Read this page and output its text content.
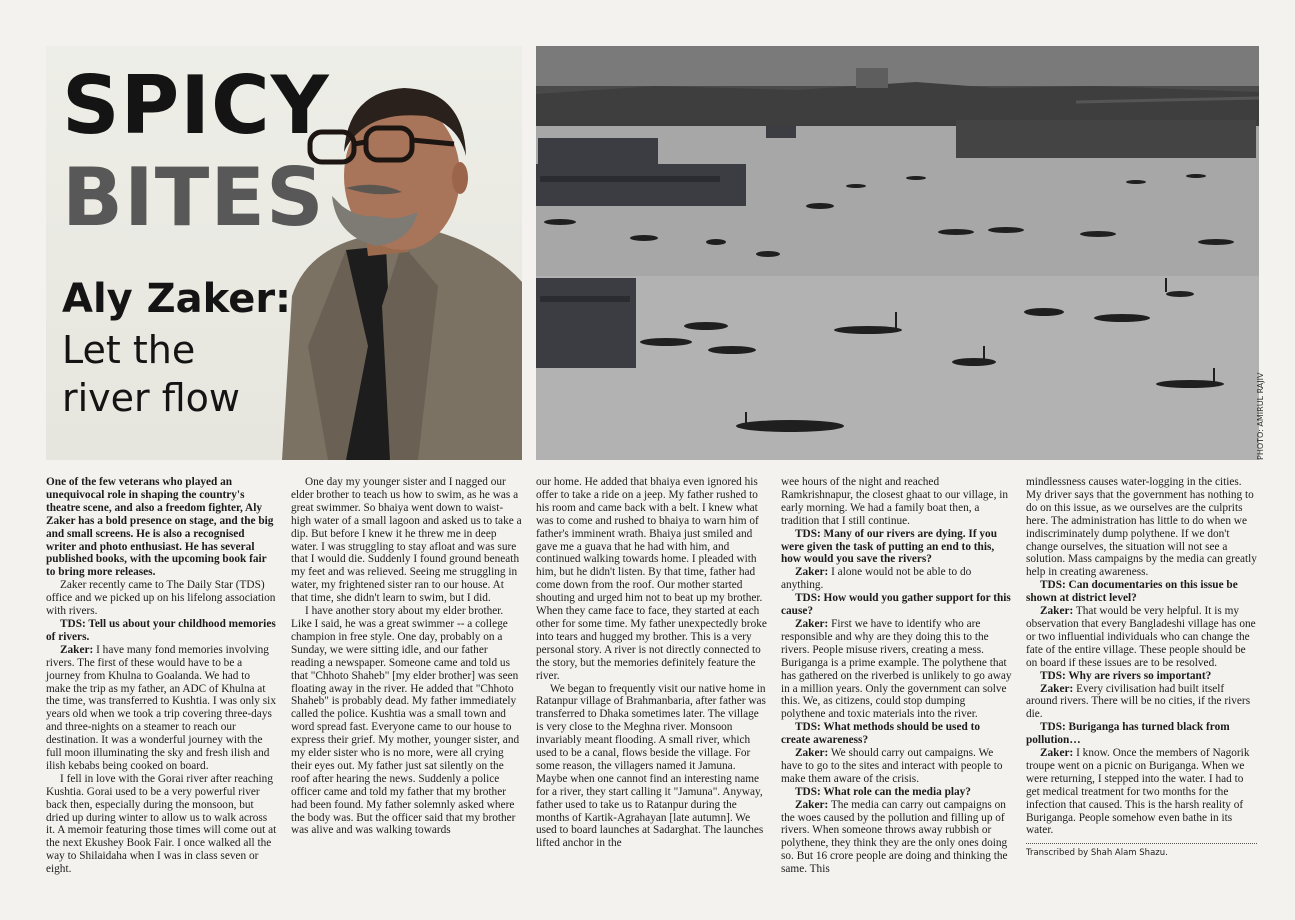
SPICY
BITES
Aly Zaker:
Let the river flow	PHOTO: AMIRUL RAJIV

One of the few veterans who played an unequivocal role in shaping the country's theatre scene, and also a freedom fighter, Aly Zaker has a bold presence on stage, and the big and small screens. He is also a recognised writer and photo enthusiast. He has several published books, with the upcoming book fair to bring more releases.

Zaker recently came to The Daily Star (TDS) office and we picked up on his lifelong association with rivers.

TDS: Tell us about your childhood memories of rivers.

Zaker: I have many fond memories involving rivers. The first of these would have to be a journey from Khulna to Goalanda. We had to make the trip as my father, an ADC of Khulna at the time, was transferred to Kushtia. I was only six years old when we took a trip covering three-days and three-nights on a steamer to reach our destination. It was a wonderful journey with the full moon illuminating the sky and fresh ilish and ilish kebabs being cooked on board.

I fell in love with the Gorai river after reaching Kushtia. Gorai used to be a very powerful river back then, especially during the monsoon, but dried up during winter to allow us to walk across it. A memoir featuring those times will come out at the next Ekushey Book Fair. I once walked all the way to Shilaidaha when I was in class seven or eight.

One day my younger sister and I nagged our elder brother to teach us how to swim, as he was a great swimmer. So bhaiya went down to waist-high water of a small lagoon and asked us to take a dip. But before I knew it he threw me in deep water. I was struggling to stay afloat and was sure that I would die. Suddenly I found ground beneath my feet and was relieved. Seeing me struggling in water, my frightened sister ran to our house. At that time, she didn't learn to swim, but I did.

I have another story about my elder brother. Like I said, he was a great swimmer -- a college champion in free style. One day, probably on a Sunday, we were sitting idle, and our father reading a newspaper. Someone came and told us that "Chhoto Shaheb" [my elder brother] was seen floating away in the river. He added that "Chhoto Shaheb" is probably dead. My father immediately called the police. Kushtia was a small town and word spread fast. Everyone came to our house to express their grief. My mother, younger sister, and my elder sister who is no more, were all crying their eyes out. My father just sat silently on the roof after hearing the news. Suddenly a police officer came and told my father that my brother had been found. My father solemnly asked where the body was. But the officer said that my brother was alive and was walking towards

our home. He added that bhaiya even ignored his offer to take a ride on a jeep. My father rushed to his room and came back with a belt. I knew what was to come and rushed to bhaiya to warn him of father's imminent wrath. Bhaiya just smiled and gave me a guava that he had with him, and continued walking towards home. I pleaded with him, but he didn't listen. By that time, father had come down from the roof. Our mother started shouting and urged him not to beat up my brother. When they came face to face, they started at each other for some time. My father unexpectedly broke into tears and hugged my brother. This is a very personal story. A river is not directly connected to the story, but the memories definitely feature the river.

We began to frequently visit our native home in Ratanpur village of Brahmanbaria, after father was transferred to Dhaka sometimes later. The village is very close to the Meghna river. Monsoon invariably meant flooding. A small river, which used to be a canal, flows beside the village. For some reason, the villagers named it Jamuna. Maybe when one cannot find an interesting name for a river, they start calling it "Jamuna". Anyway, father used to take us to Ratanpur during the months of Kartik-Agrahayan [late autumn]. We used to board launches at Sadarghat. The launches lifted anchor in the

wee hours of the night and reached Ramkrishnapur, the closest ghaat to our village, in early morning. We had a family boat then, a tradition that I still continue.

TDS: Many of our rivers are dying. If you were given the task of putting an end to this, how would you save the rivers?

Zaker: I alone would not be able to do anything.

TDS: How would you gather support for this cause?

Zaker: First we have to identify who are responsible and why are they doing this to the rivers. People misuse rivers, creating a mess. Buriganga is a prime example. The polythene that has gathered on the riverbed is unlikely to go away in a million years. Only the government can solve this. We, as citizens, could stop dumping polythene and toxic materials into the river.

TDS: What methods should be used to create awareness?

Zaker: We should carry out campaigns. We have to go to the sites and interact with people to make them aware of the crisis.

TDS: What role can the media play?

Zaker: The media can carry out campaigns on the woes caused by the pollution and filling up of rivers. When someone throws away rubbish or polythene, they think they are the only ones doing so. But 16 crore people are doing and thinking the same. This

mindlessness causes water-logging in the cities. My driver says that the government has nothing to do on this issue, as we ourselves are the culprits here. The administration has little to do when we indiscriminately dump polythene. If we don't change ourselves, the situation will not see a solution. Mass campaigns by the media can greatly help in creating awareness.

TDS: Can documentaries on this issue be shown at district level?

Zaker: That would be very helpful. It is my observation that every Bangladeshi village has one or two influential individuals who can change the fate of the entire village. These people should be on board if these issues are to be resolved.

TDS: Why are rivers so important?

Zaker: Every civilisation had built itself around rivers. There will be no cities, if the rivers die.

TDS: Buriganga has turned black from pollution…

Zaker: I know. Once the members of Nagorik troupe went on a picnic on Buriganga. When we were returning, I stepped into the water. I had to get medical treatment for two months for the infection that caused. This is the harsh reality of Buriganga. People somehow even bathe in its water.

Transcribed by Shah Alam Shazu.
